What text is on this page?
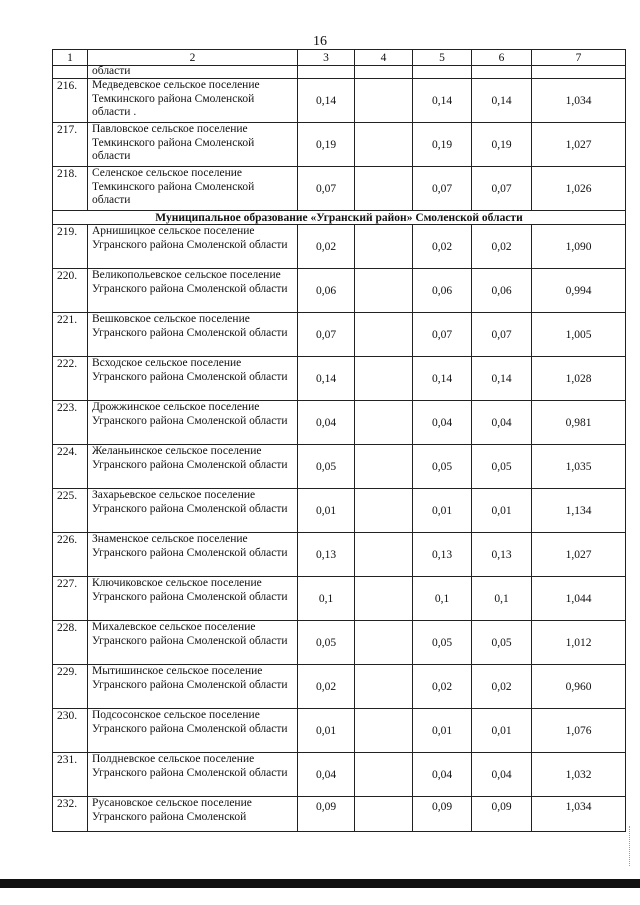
16
1	2	3	4	5	6	7
	области					
216.	Медведевское сельское поселение Темкинского района Смоленской области .	0,14		0,14	0,14	1,034
217.	Павловское сельское поселение Темкинского района Смоленской области	0,19		0,19	0,19	1,027
218.	Селенское сельское поселение Темкинского района Смоленской области	0,07		0,07	0,07	1,026
Муниципальное образование «Угранский район» Смоленской области						
219.	Арнишицкое сельское поселение Угранского района Смоленской области	0,02		0,02	0,02	1,090
220.	Великопольевское сельское поселение Угранского района Смоленской области	0,06		0,06	0,06	0,994
221.	Вешковское сельское поселение Угранского района Смоленской области	0,07		0,07	0,07	1,005
222.	Всходское сельское поселение Угранского района Смоленской области	0,14		0,14	0,14	1,028
223.	Дрожжинское сельское поселение Угранского района Смоленской области	0,04		0,04	0,04	0,981
224.	Желаньинское сельское поселение Угранского района Смоленской области	0,05		0,05	0,05	1,035
225.	Захарьевское сельское поселение Угранского района Смоленской области	0,01		0,01	0,01	1,134
226.	Знаменское сельское поселение Угранского района Смоленской области	0,13		0,13	0,13	1,027
227.	Ключиковское сельское поселение Угранского района Смоленской области	0,1		0,1	0,1	1,044
228.	Михалевское сельское поселение Угранского района Смоленской области	0,05		0,05	0,05	1,012
229.	Мытишинское сельское поселение Угранского района Смоленской области	0,02		0,02	0,02	0,960
230.	Подсосонское сельское поселение Угранского района Смоленской области	0,01		0,01	0,01	1,076
231.	Полдневское сельское поселение Угранского района Смоленской области	0,04		0,04	0,04	1,032
232.	Русановское сельское поселение Угранского района Смоленской	0,09		0,09	0,09	1,034
